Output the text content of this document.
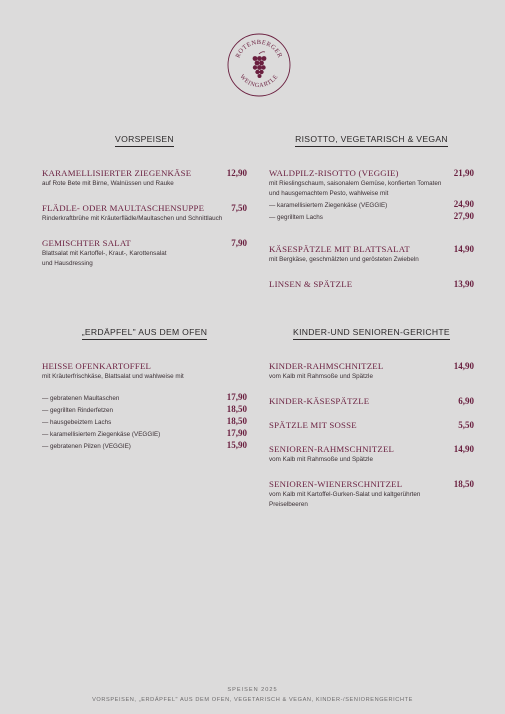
ROTENBERGER
WEINGARTLE
VORSPEISEN
KARAMELLISIERTER ZIEGENKÄSE	12,90
auf Rote Bete mit Birne, Walnüssen und Rauke
FLÄDLE- ODER MAULTASCHENSUPPE	7,50
Rinderkraftbrühe mit Kräuterflädle/Maultaschen und Schnittlauch
GEMISCHTER SALAT	7,90
Blattsalat mit Kartoffel-, Kraut-, Karottensalat
und Hausdressing
RISOTTO, VEGETARISCH & VEGAN
WALDPILZ-RISOTTO (VEGGIE)	21,90
mit Rieslingschaum, saisonalem Gemüse, konfierten Tomaten
und hausgemachtem Pesto, wahlweise mit
— karamellisiertem Ziegenkäse (VEGGIE)	24,90
— gegrilltem Lachs	27,90
KÄSESPÄTZLE MIT BLATTSALAT	14,90
mit Bergkäse, geschmälzten und gerösteten Zwiebeln
LINSEN & SPÄTZLE	13,90
„ERDÄPFEL" AUS DEM OFEN
HEISSE OFENKARTOFFEL
mit Kräuterfrischkäse, Blattsalat und wahlweise mit
— gebratenen Maultaschen	17,90
— gegrillten Rinderfetzen	18,50
— hausgebeiztem Lachs	18,50
— karamellisiertem Ziegenkäse (VEGGIE)	17,90
— gebratenen Pilzen (VEGGIE)	15,90
KINDER-UND SENIOREN-GERICHTE
KINDER-RAHMSCHNITZEL	14,90
vom Kalb mit Rahmsoße und Spätzle
KINDER-KÄSESPÄTZLE	6,90
SPÄTZLE MIT SOSSE	5,50
SENIOREN-RAHMSCHNITZEL	14,90
vom Kalb mit Rahmsoße und Spätzle
SENIOREN-WIENERSCHNITZEL	18,50
vom Kalb mit Kartoffel-Gurken-Salat und kaltgerührten
Preiselbeeren
SPEISEN 2025
VORSPEISEN, „ERDÄPFEL" AUS DEM OFEN, VEGETARISCH & VEGAN, KINDER-/SENIORENGERICHTE
